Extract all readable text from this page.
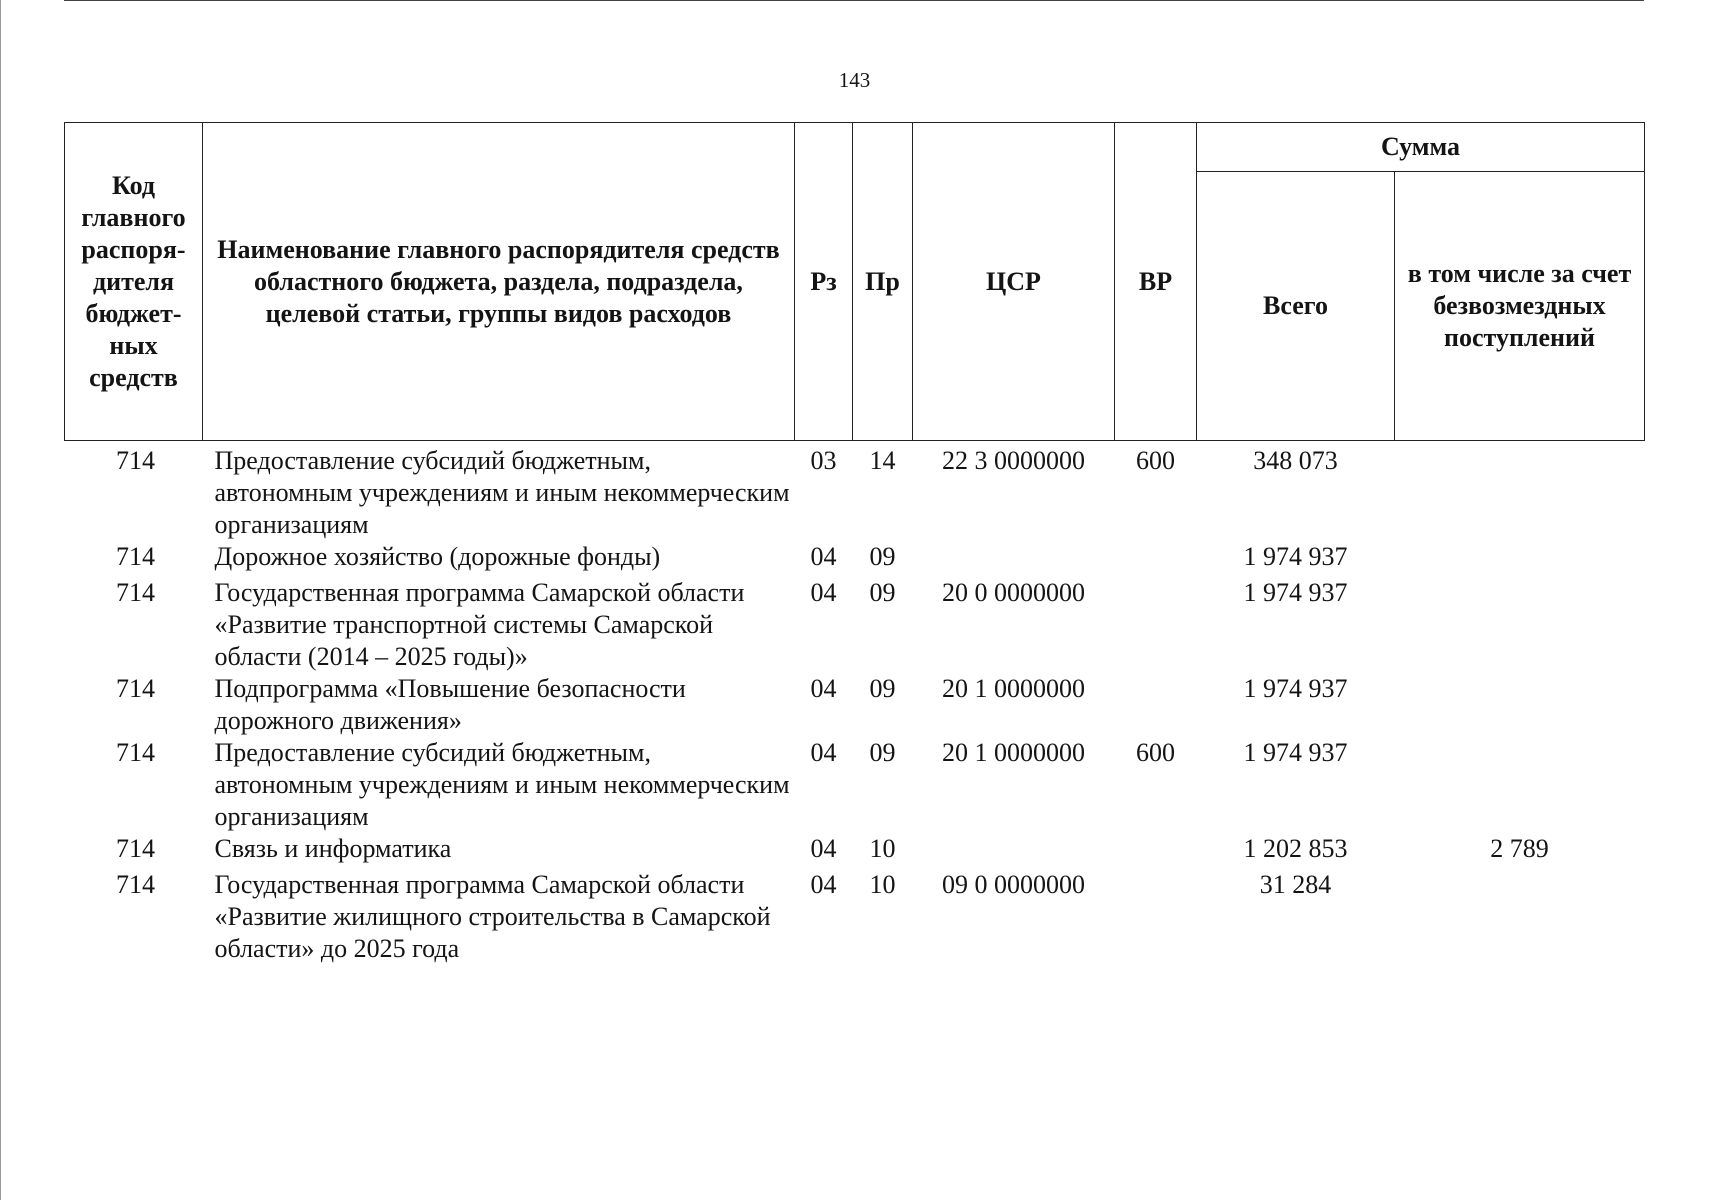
143
Код главного распоря-дителя бюджет-ных средств	Наименование главного распорядителя средств областного бюджета, раздела, подраздела, целевой статьи, группы видов расходов	Рз	Пр	ЦСР	ВР	Сумма	
						Всего	в том числе за счет безвозмездных поступлений
714	Предоставление субсидий бюджетным, автономным учреждениям и иным некоммерческим организациям	03	14	22 3 0000000	600	348 073	
714	Дорожное хозяйство (дорожные фонды)	04	09			1 974 937	
714	Государственная программа Самарской области «Развитие транспортной системы Самарской области (2014 – 2025 годы)»	04	09	20 0 0000000		1 974 937	
714	Подпрограмма «Повышение безопасности дорожного движения»	04	09	20 1 0000000		1 974 937	
714	Предоставление субсидий бюджетным, автономным учреждениям и иным некоммерческим организациям	04	09	20 1 0000000	600	1 974 937	
714	Связь и информатика	04	10			1 202 853	2 789
714	Государственная программа Самарской области «Развитие жилищного строительства в Самарской области» до 2025 года	04	10	09 0 0000000		31 284	
